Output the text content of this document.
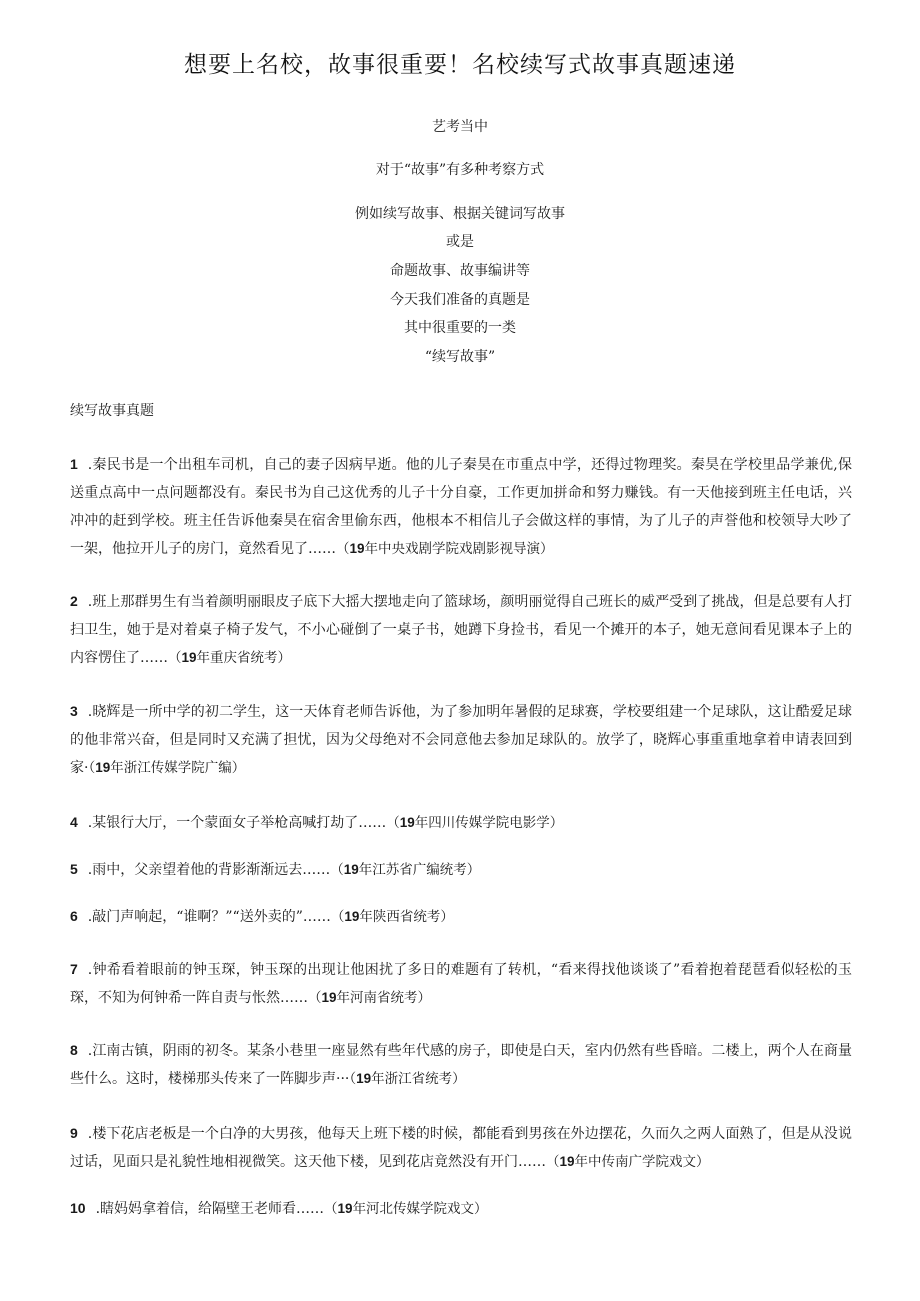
想要上名校，故事很重要！名校续写式故事真题速递
艺考当中
对于“故事”有多种考察方式
例如续写故事、根据关键词写故事
或是
命题故事、故事编讲等
今天我们准备的真题是
其中很重要的一类
“续写故事”
续写故事真题
1 .秦民书是一个出租车司机，自己的妻子因病早逝。他的儿子秦昊在市重点中学，还得过物理奖。秦昊在学校里品学兼优,保送重点高中一点问题都没有。秦民书为自己这优秀的儿子十分自豪，工作更加拼命和努力赚钱。有一天他接到班主任电话，兴冲冲的赶到学校。班主任告诉他秦昊在宿舍里偷东西，他根本不相信儿子会做这样的事情，为了儿子的声誉他和校领导大吵了一架，他拉开儿子的房门，竟然看见了……（19年中央戏剧学院戏剧影视导演）
2 .班上那群男生有当着颜明丽眼皮子底下大摇大摆地走向了篮球场，颜明丽觉得自己班长的威严受到了挑战，但是总要有人打扫卫生，她于是对着桌子椅子发气，不小心碰倒了一桌子书，她蹲下身捡书，看见一个摊开的本子，她无意间看见课本子上的内容愣住了……（19年重庆省统考）
3 .晓辉是一所中学的初二学生，这一天体育老师告诉他，为了参加明年暑假的足球赛，学校要组建一个足球队，这让酷爱足球的他非常兴奋，但是同时又充满了担忧，因为父母绝对不会同意他去参加足球队的。放学了，晓辉心事重重地拿着申请表回到家·（19年浙江传媒学院广编）
4 .某银行大厅，一个蒙面女子举枪高喊打劫了……（19年四川传媒学院电影学）
5 .雨中，父亲望着他的背影渐渐远去……（19年江苏省广编统考）
6 .敲门声响起，“谁啊？”“送外卖的”……（19年陕西省统考）
7 .钟希看着眼前的钟玉琛，钟玉琛的出现让他困扰了多日的难题有了转机，“看来得找他谈谈了”看着抱着琵琶看似轻松的玉琛，不知为何钟希一阵自责与怅然……（19年河南省统考）
8 .江南古镇，阴雨的初冬。某条小巷里一座显然有些年代感的房子，即使是白天，室内仍然有些昏暗。二楼上，两个人在商量些什么。这时，楼梯那头传来了一阵脚步声···（19年浙江省统考）
9 .楼下花店老板是一个白净的大男孩，他每天上班下楼的时候，都能看到男孩在外边摆花，久而久之两人面熟了，但是从没说过话，见面只是礼貌性地相视微笑。这天他下楼，见到花店竟然没有开门……（19年中传南广学院戏文）
10 .瞎妈妈拿着信，给隔壁王老师看……（19年河北传媒学院戏文）
